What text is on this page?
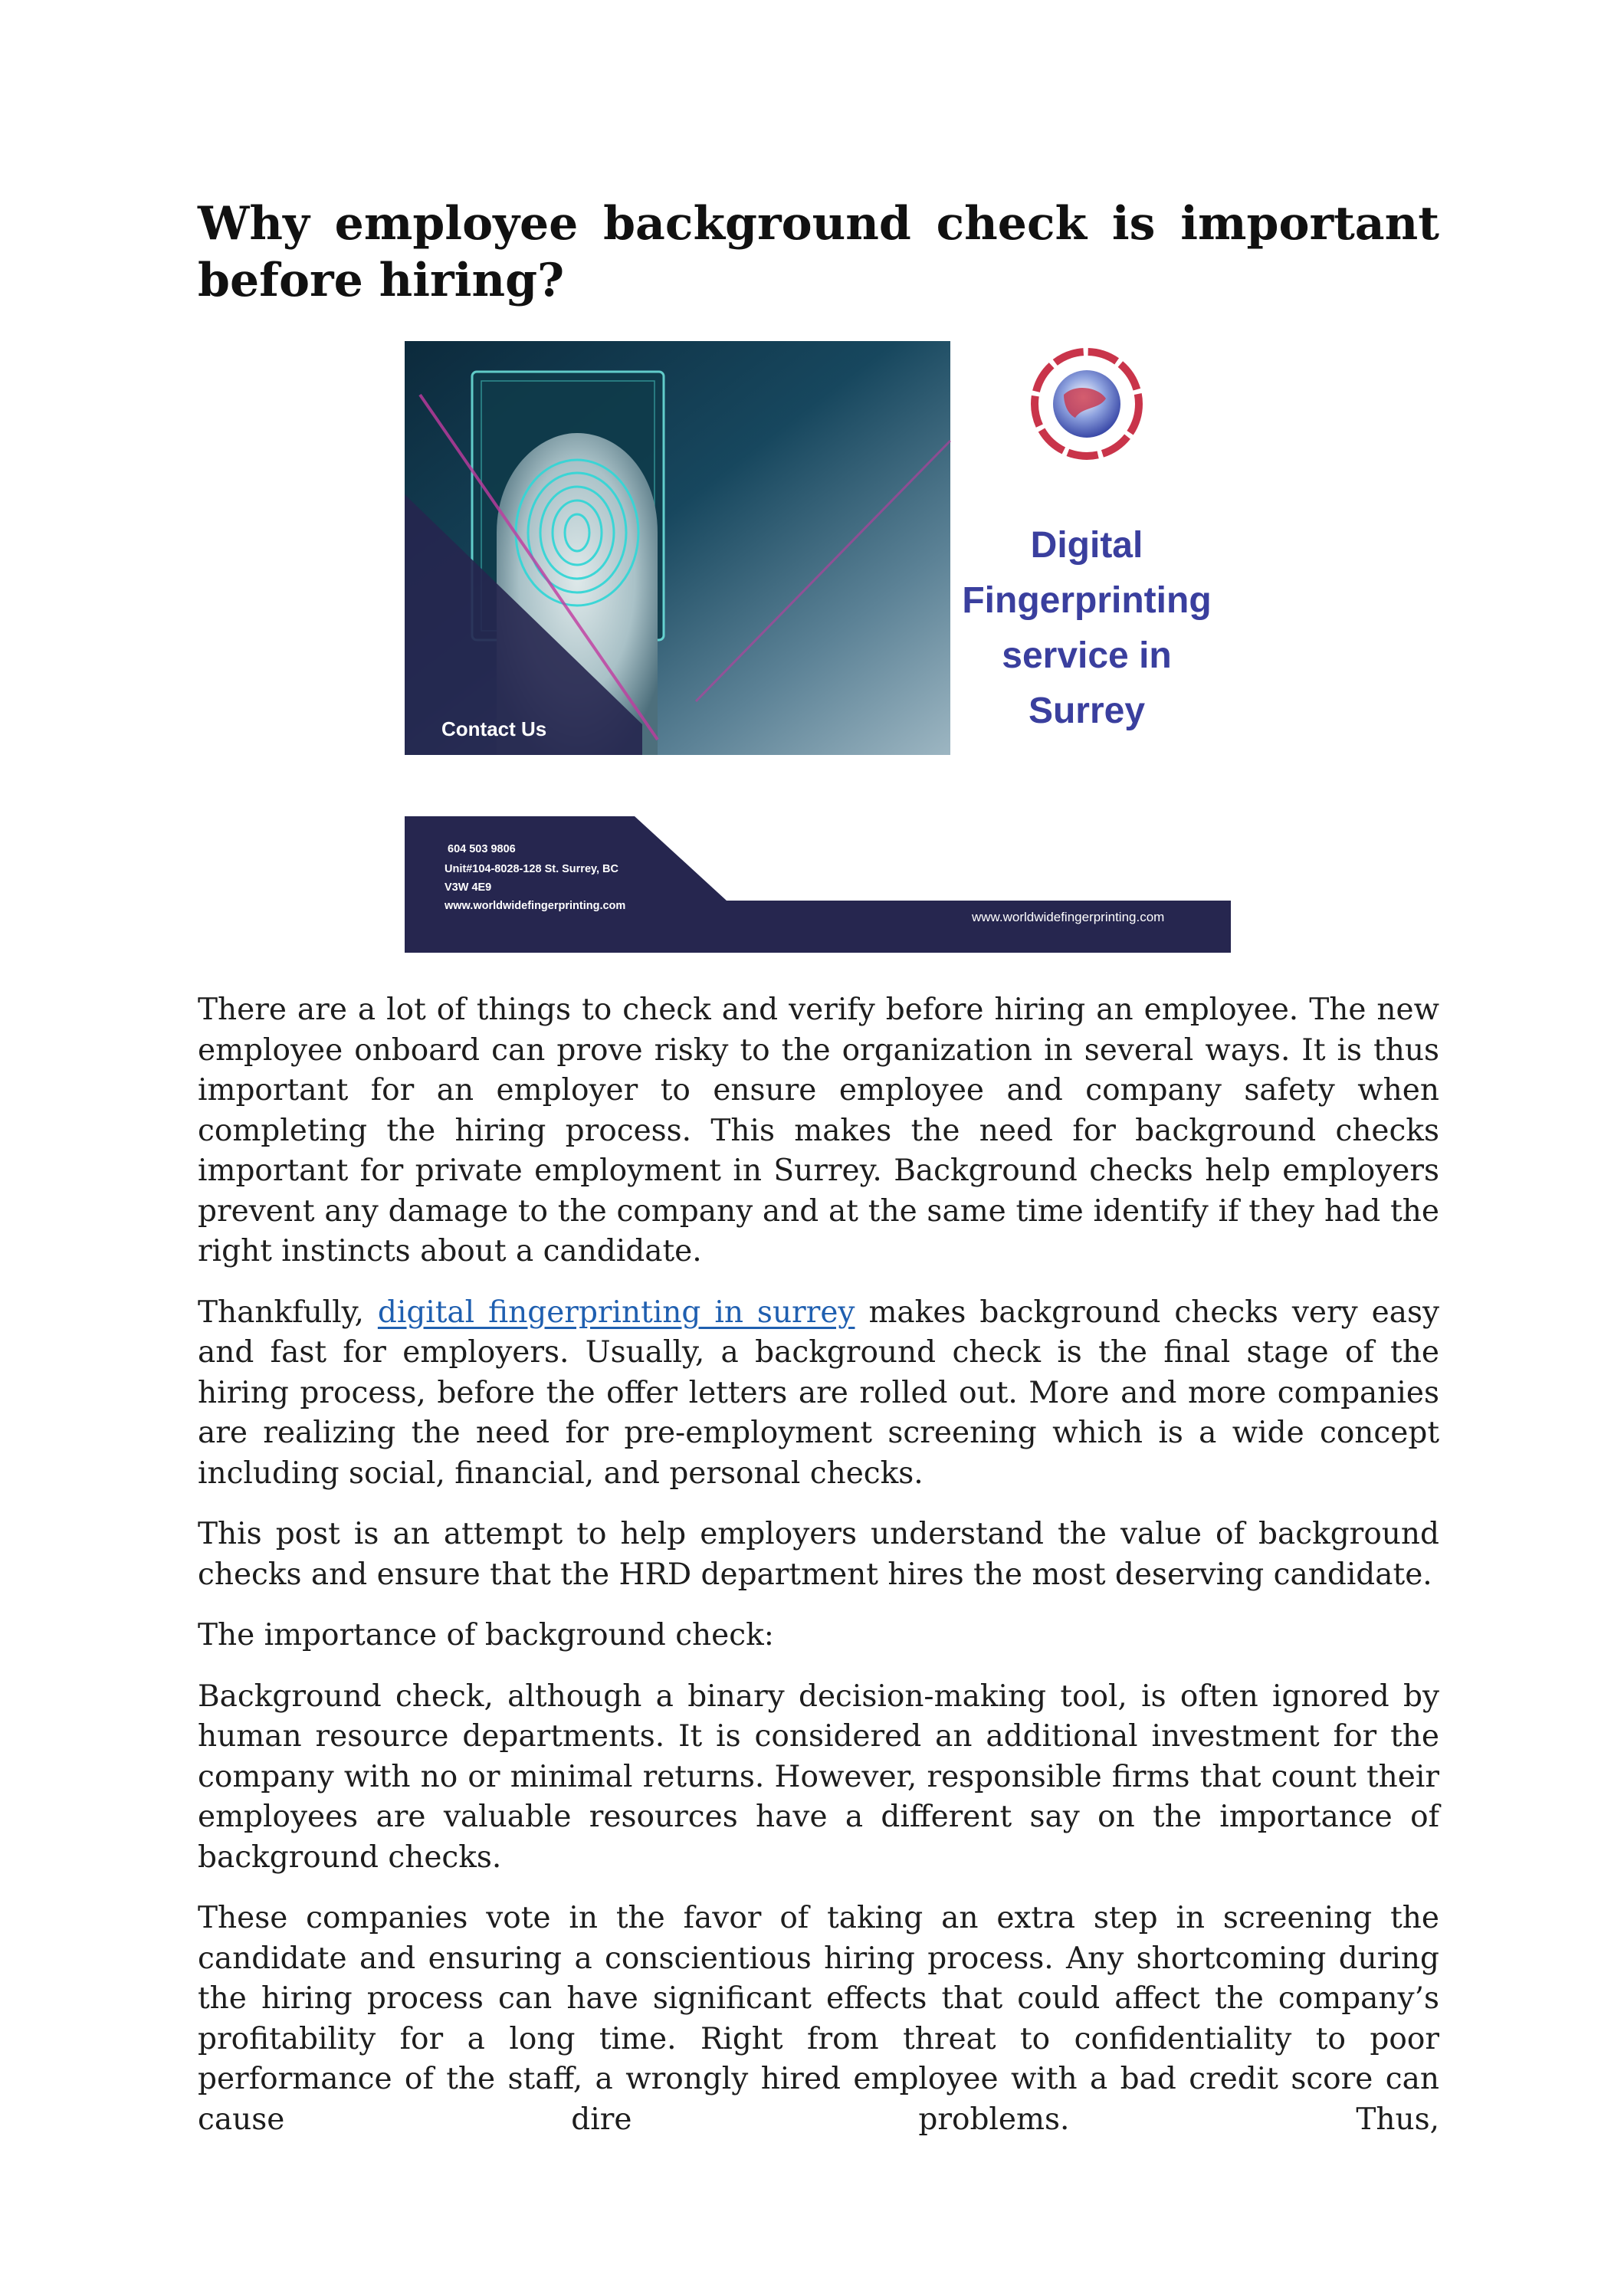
Why employee background check is important before hiring?
Contact Us
604 503 9806
Unit#104-8028-128 St. Surrey, BC
V3W 4E9
www.worldwidefingerprinting.com
www.worldwidefingerprinting.com
Digital
Fingerprinting
service in
Surrey

There are a lot of things to check and verify before hiring an employee. The new employee onboard can prove risky to the organization in several ways. It is thus important for an employer to ensure employee and company safety when completing the hiring process. This makes the need for background checks important for private employment in Surrey. Background checks help employers prevent any damage to the company and at the same time identify if they had the right instincts about a candidate.

Thankfully, digital fingerprinting in surrey makes background checks very easy and fast for employers. Usually, a background check is the final stage of the hiring process, before the offer letters are rolled out. More and more companies are realizing the need for pre-employment screening which is a wide concept including social, financial, and personal checks.

This post is an attempt to help employers understand the value of background checks and ensure that the HRD department hires the most deserving candidate.

The importance of background check:

Background check, although a binary decision-making tool, is often ignored by human resource departments. It is considered an additional investment for the company with no or minimal returns. However, responsible firms that count their employees are valuable resources have a different say on the importance of background checks.

These companies vote in the favor of taking an extra step in screening the candidate and ensuring a conscientious hiring process. Any shortcoming during the hiring process can have significant effects that could affect the company’s profitability for a long time. Right from threat to confidentiality to poor performance of the staff, a wrongly hired employee with a bad credit score can cause dire problems. Thus,
